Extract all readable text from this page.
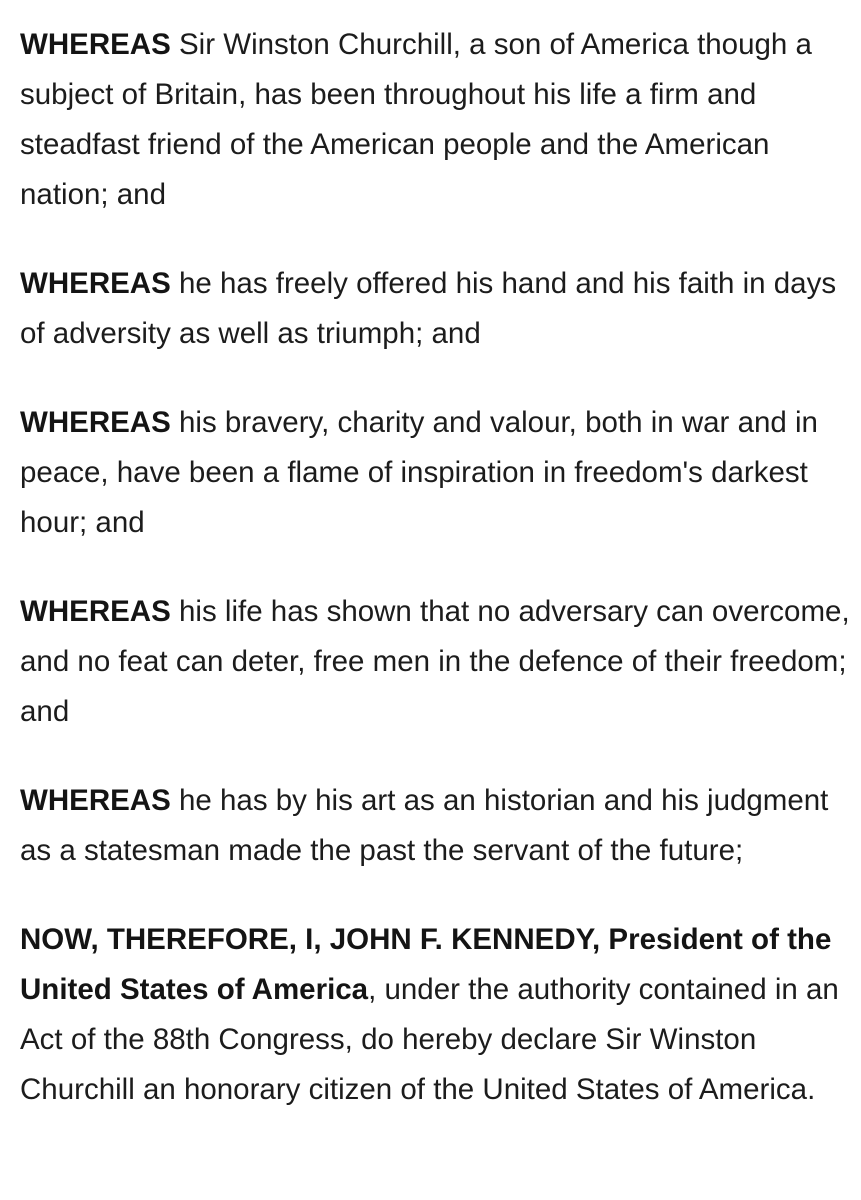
WHEREAS Sir Winston Churchill, a son of America though a subject of Britain, has been throughout his life a firm and steadfast friend of the American people and the American nation; and

WHEREAS he has freely offered his hand and his faith in days of adversity as well as triumph; and

WHEREAS his bravery, charity and valour, both in war and in peace, have been a flame of inspiration in freedom's darkest hour; and

WHEREAS his life has shown that no adversary can overcome, and no feat can deter, free men in the defence of their freedom; and

WHEREAS he has by his art as an historian and his judgment as a statesman made the past the servant of the future;

NOW, THEREFORE, I, JOHN F. KENNEDY, President of the United States of America, under the authority contained in an Act of the 88th Congress, do hereby declare Sir Winston Churchill an honorary citizen of the United States of America.
